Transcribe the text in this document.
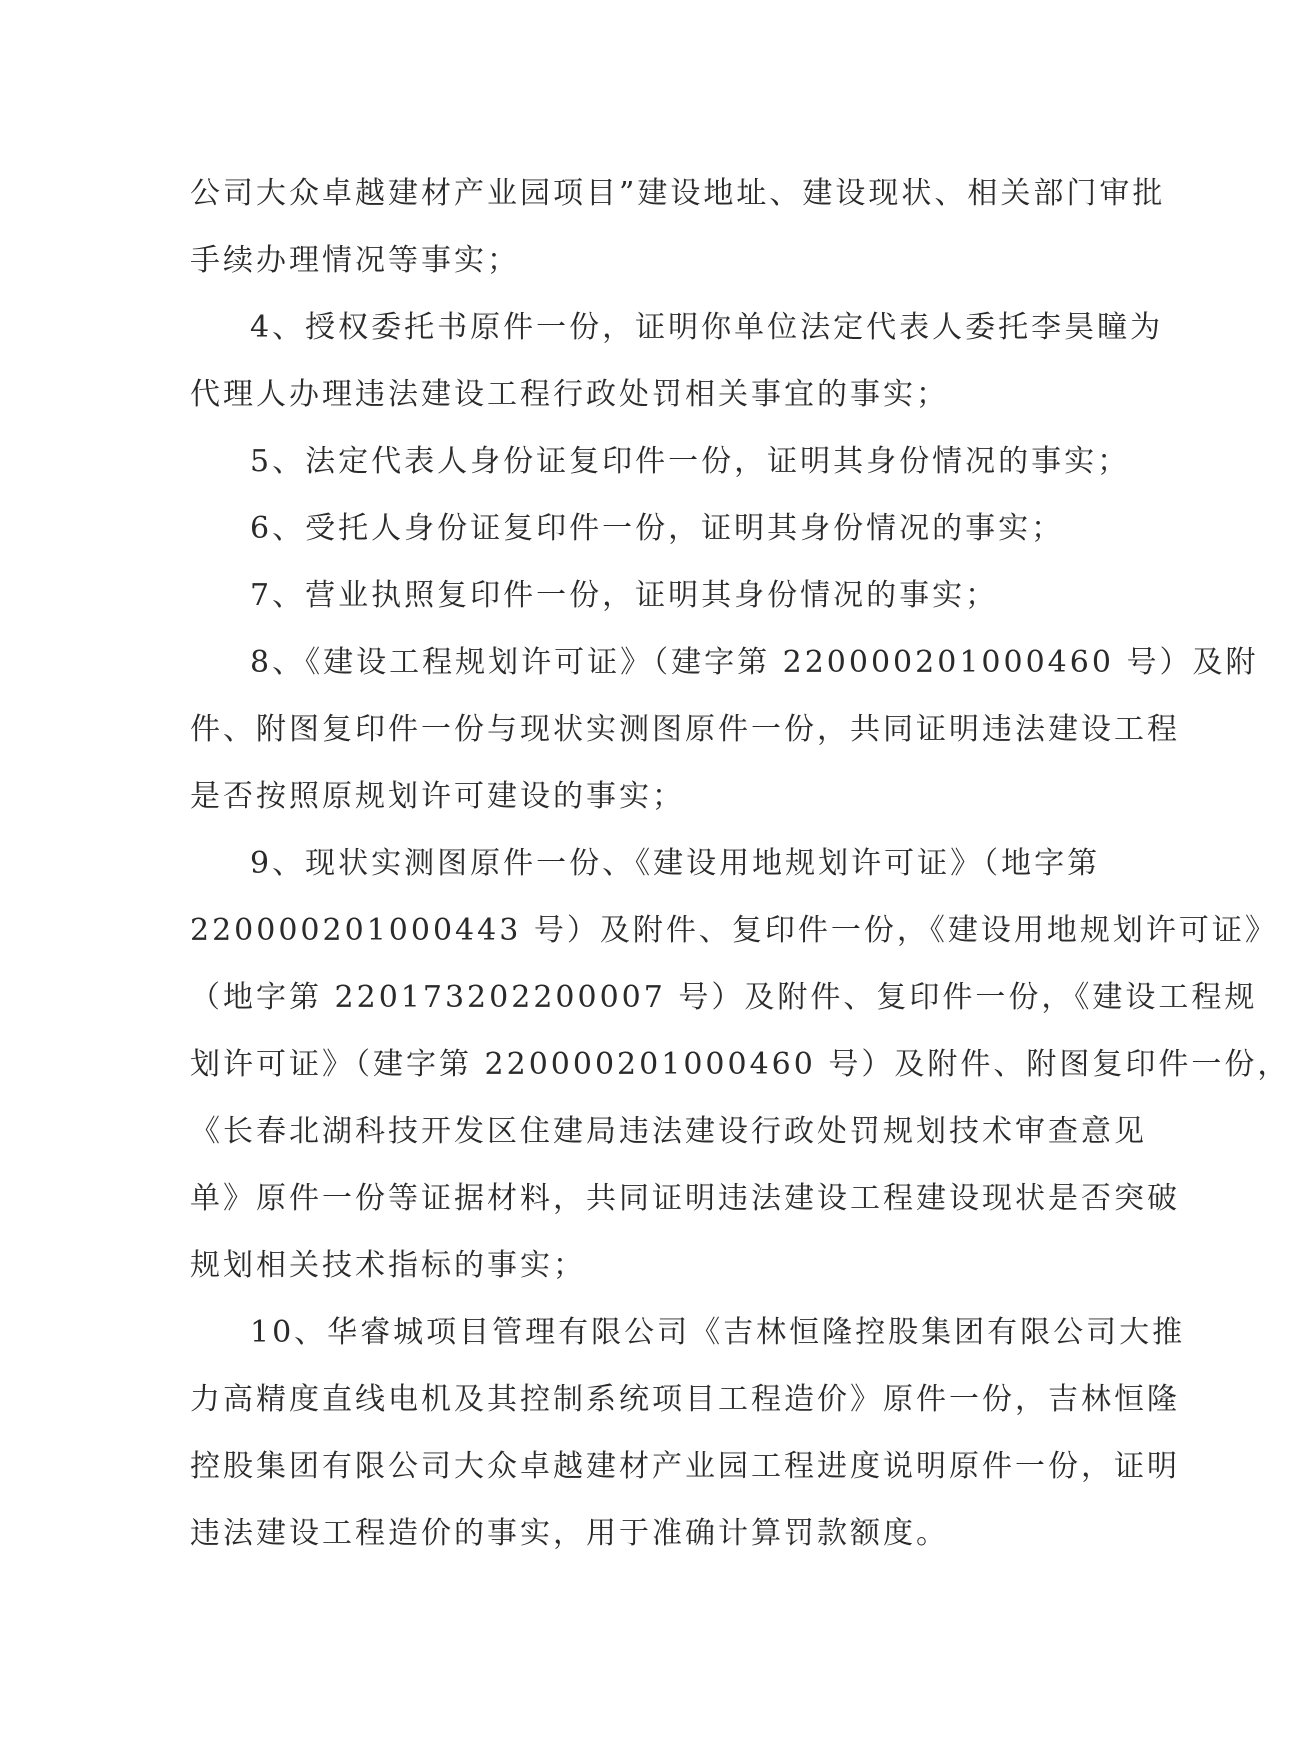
公司大众卓越建材产业园项目”建设地址、建设现状、相关部门审批
手续办理情况等事实；

4、授权委托书原件一份，证明你单位法定代表人委托李昊瞳为
代理人办理违法建设工程行政处罚相关事宜的事实；

5、法定代表人身份证复印件一份，证明其身份情况的事实；

6、受托人身份证复印件一份，证明其身份情况的事实；

7、营业执照复印件一份，证明其身份情况的事实；

8、《建设工程规划许可证》（建字第 220000201000460 号）及附
件、附图复印件一份与现状实测图原件一份，共同证明违法建设工程
是否按照原规划许可建设的事实；

9、现状实测图原件一份、《建设用地规划许可证》（地字第
220000201000443 号）及附件、复印件一份，《建设用地规划许可证》
（地字第 220173202200007 号）及附件、复印件一份，《建设工程规
划许可证》（建字第 220000201000460 号）及附件、附图复印件一份，
《长春北湖科技开发区住建局违法建设行政处罚规划技术审查意见
单》原件一份等证据材料，共同证明违法建设工程建设现状是否突破
规划相关技术指标的事实；

10、华睿城项目管理有限公司《吉林恒隆控股集团有限公司大推
力高精度直线电机及其控制系统项目工程造价》原件一份，吉林恒隆
控股集团有限公司大众卓越建材产业园工程进度说明原件一份，证明
违法建设工程造价的事实，用于准确计算罚款额度。
